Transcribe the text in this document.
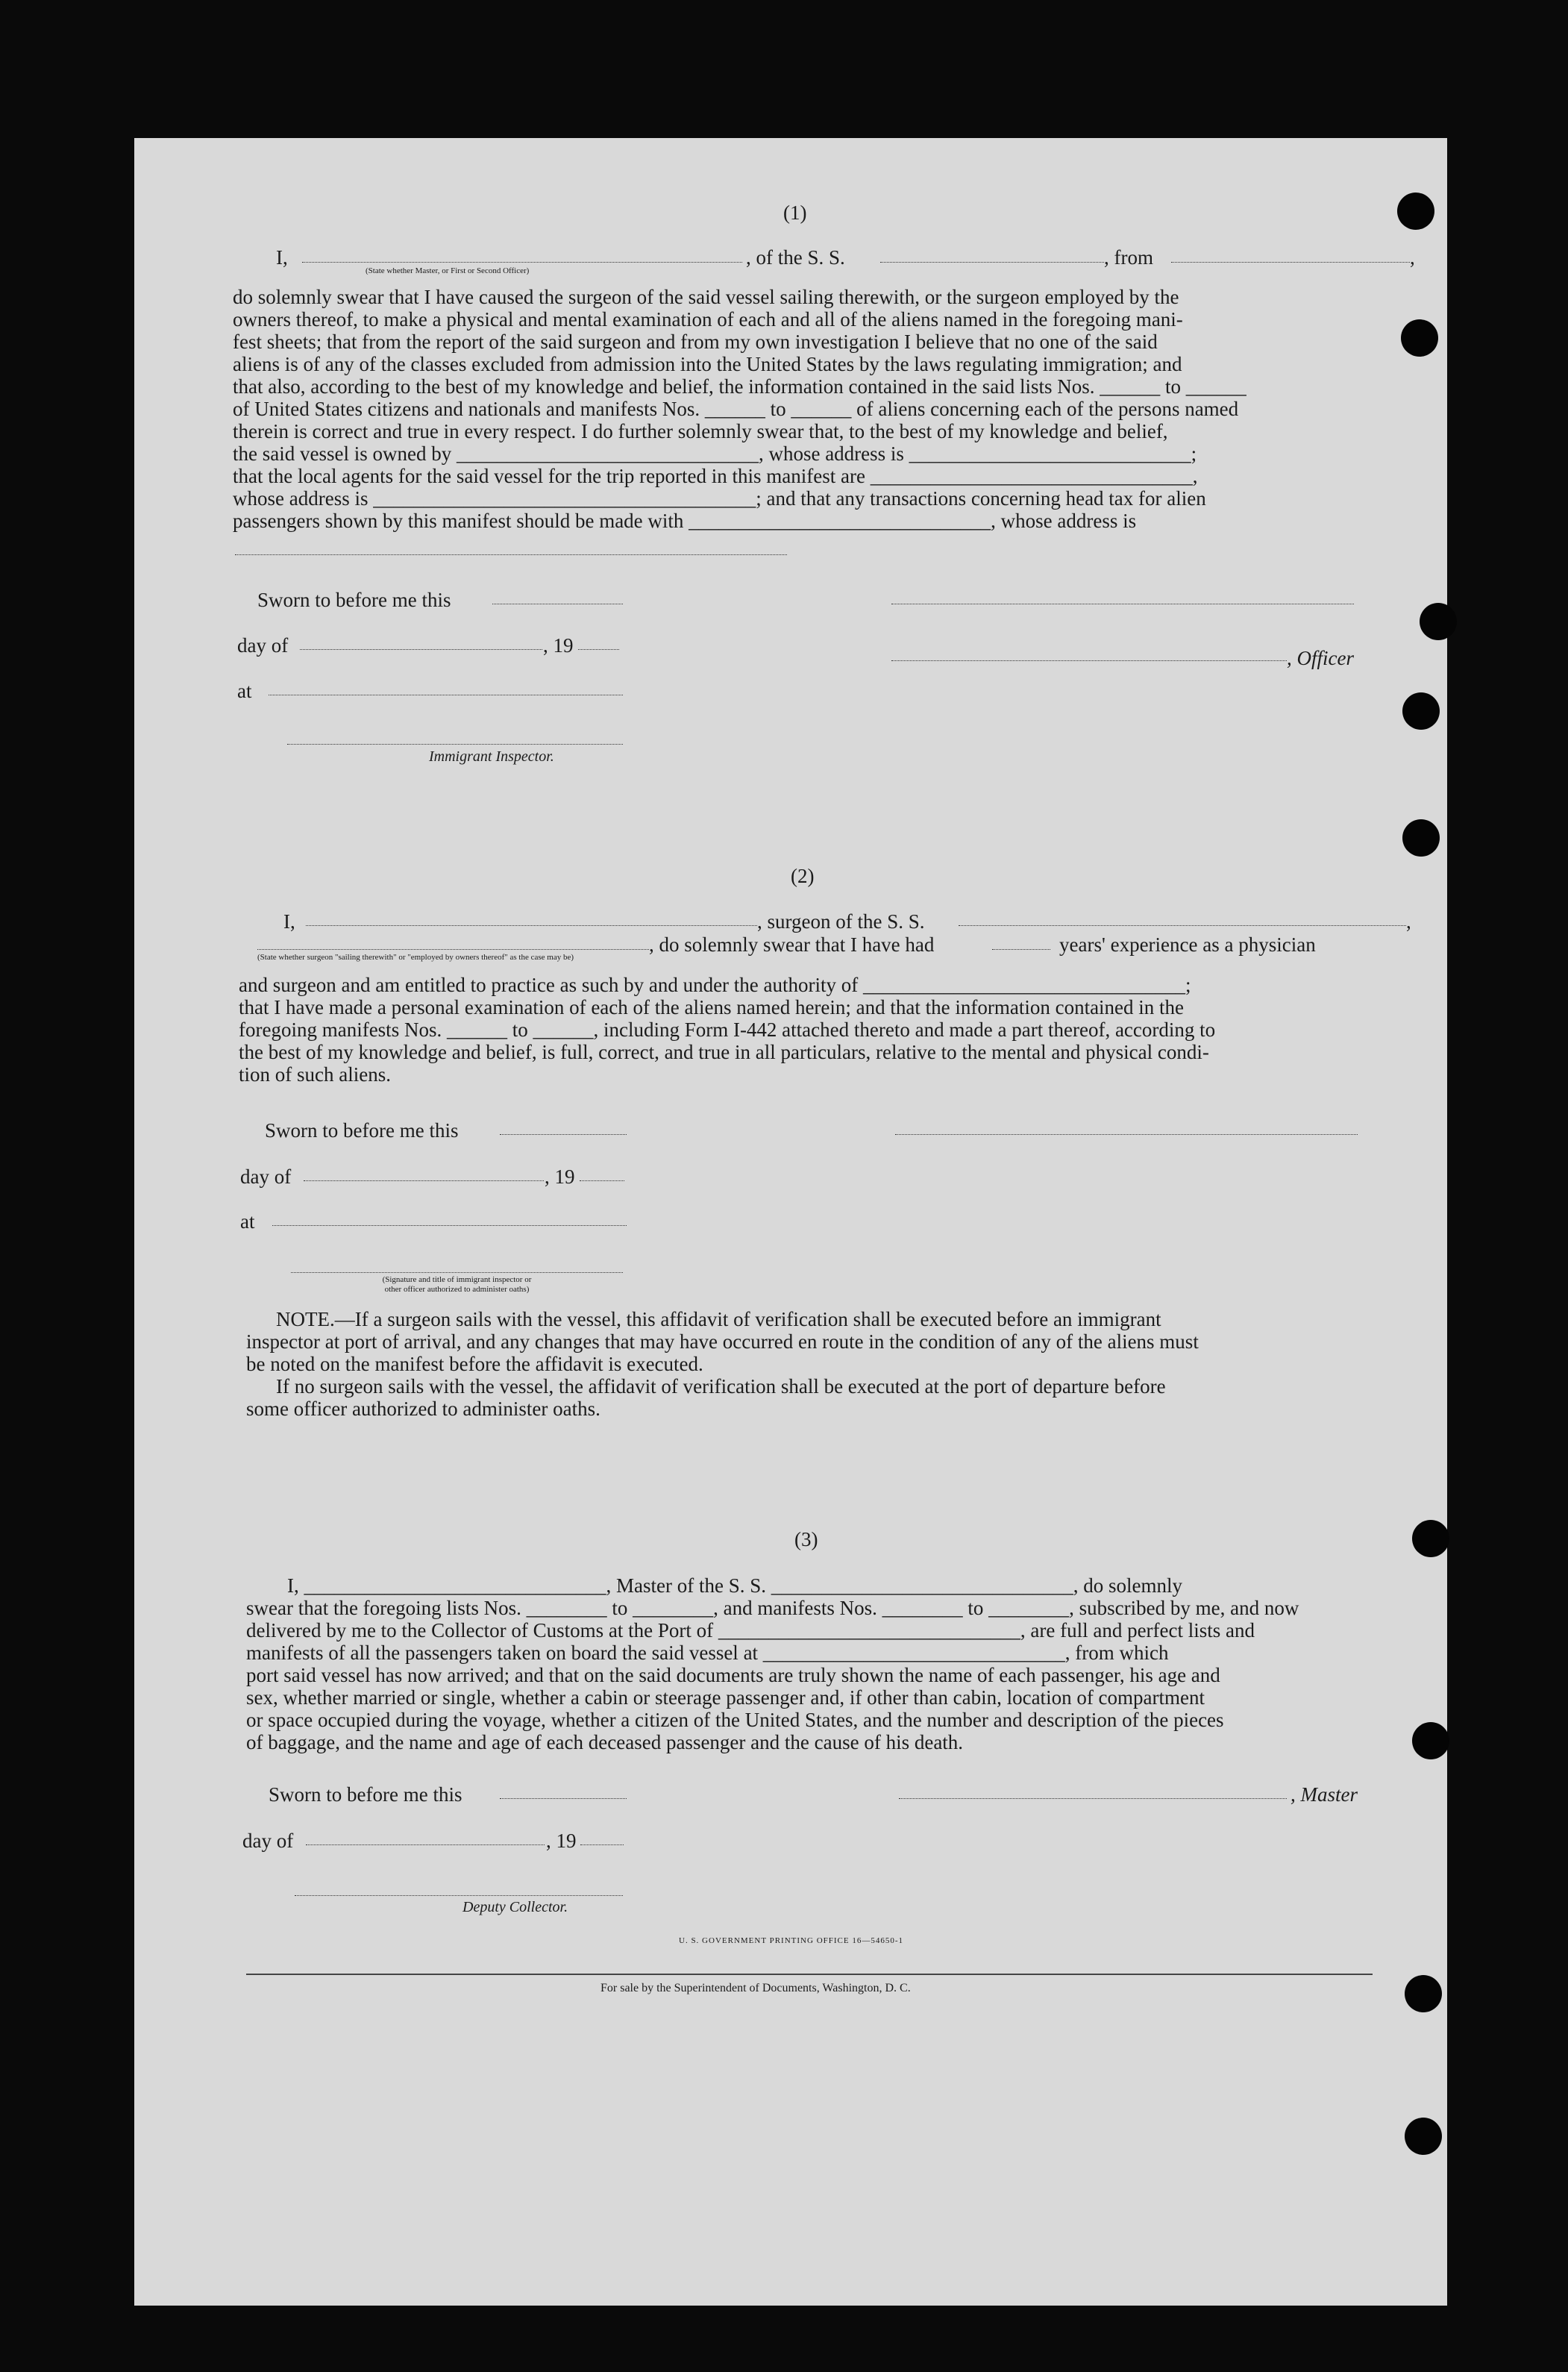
(1)
I,	, of the S. S.	, from	,
(State whether Master, or First or Second Officer)
do solemnly swear that I have caused the surgeon of the said vessel sailing therewith, or the surgeon employed by the
owners thereof, to make a physical and mental examination of each and all of the aliens named in the foregoing mani-
fest sheets; that from the report of the said surgeon and from my own investigation I believe that no one of the said
aliens is of any of the classes excluded from admission into the United States by the laws regulating immigration; and
that also, according to the best of my knowledge and belief, the information contained in the said lists Nos. ______ to ______
of United States citizens and nationals and manifests Nos. ______ to ______ of aliens concerning each of the persons named
therein is correct and true in every respect. I do further solemnly swear that, to the best of my knowledge and belief,
the said vessel is owned by ______________________________, whose address is ____________________________;
that the local agents for the said vessel for the trip reported in this manifest are ________________________________,
whose address is ______________________________________; and that any transactions concerning head tax for alien
passengers shown by this manifest should be made with ______________________________, whose address is
Sworn to before me this
day of	, 19
, Officer
at
Immigrant Inspector.
(2)
I,	, surgeon of the S. S.	,
, do solemnly swear that I have had	years' experience as a physician
(State whether surgeon "sailing therewith" or "employed by owners thereof" as the case may be)
and surgeon and am entitled to practice as such by and under the authority of ________________________________;
that I have made a personal examination of each of the aliens named herein; and that the information contained in the
foregoing manifests Nos. ______ to ______, including Form I-442 attached thereto and made a part thereof, according to
the best of my knowledge and belief, is full, correct, and true in all particulars, relative to the mental and physical condi-
tion of such aliens.
Sworn to before me this
day of	, 19
at
(Signature and title of immigrant inspector or
other officer authorized to administer oaths)
NOTE.—If a surgeon sails with the vessel, this affidavit of verification shall be executed before an immigrant
inspector at port of arrival, and any changes that may have occurred en route in the condition of any of the aliens must
be noted on the manifest before the affidavit is executed.
If no surgeon sails with the vessel, the affidavit of verification shall be executed at the port of departure before
some officer authorized to administer oaths.
(3)
I, ______________________________, Master of the S. S. ______________________________, do solemnly
swear that the foregoing lists Nos. ________ to ________, and manifests Nos. ________ to ________, subscribed by me, and now
delivered by me to the Collector of Customs at the Port of ______________________________, are full and perfect lists and
manifests of all the passengers taken on board the said vessel at ______________________________, from which
port said vessel has now arrived; and that on the said documents are truly shown the name of each passenger, his age and
sex, whether married or single, whether a cabin or steerage passenger and, if other than cabin, location of compartment
or space occupied during the voyage, whether a citizen of the United States, and the number and description of the pieces
of baggage, and the name and age of each deceased passenger and the cause of his death.
Sworn to before me this	, Master
day of	, 19
Deputy Collector.
U. S. GOVERNMENT PRINTING OFFICE 16—54650-1
For sale by the Superintendent of Documents, Washington, D. C.
